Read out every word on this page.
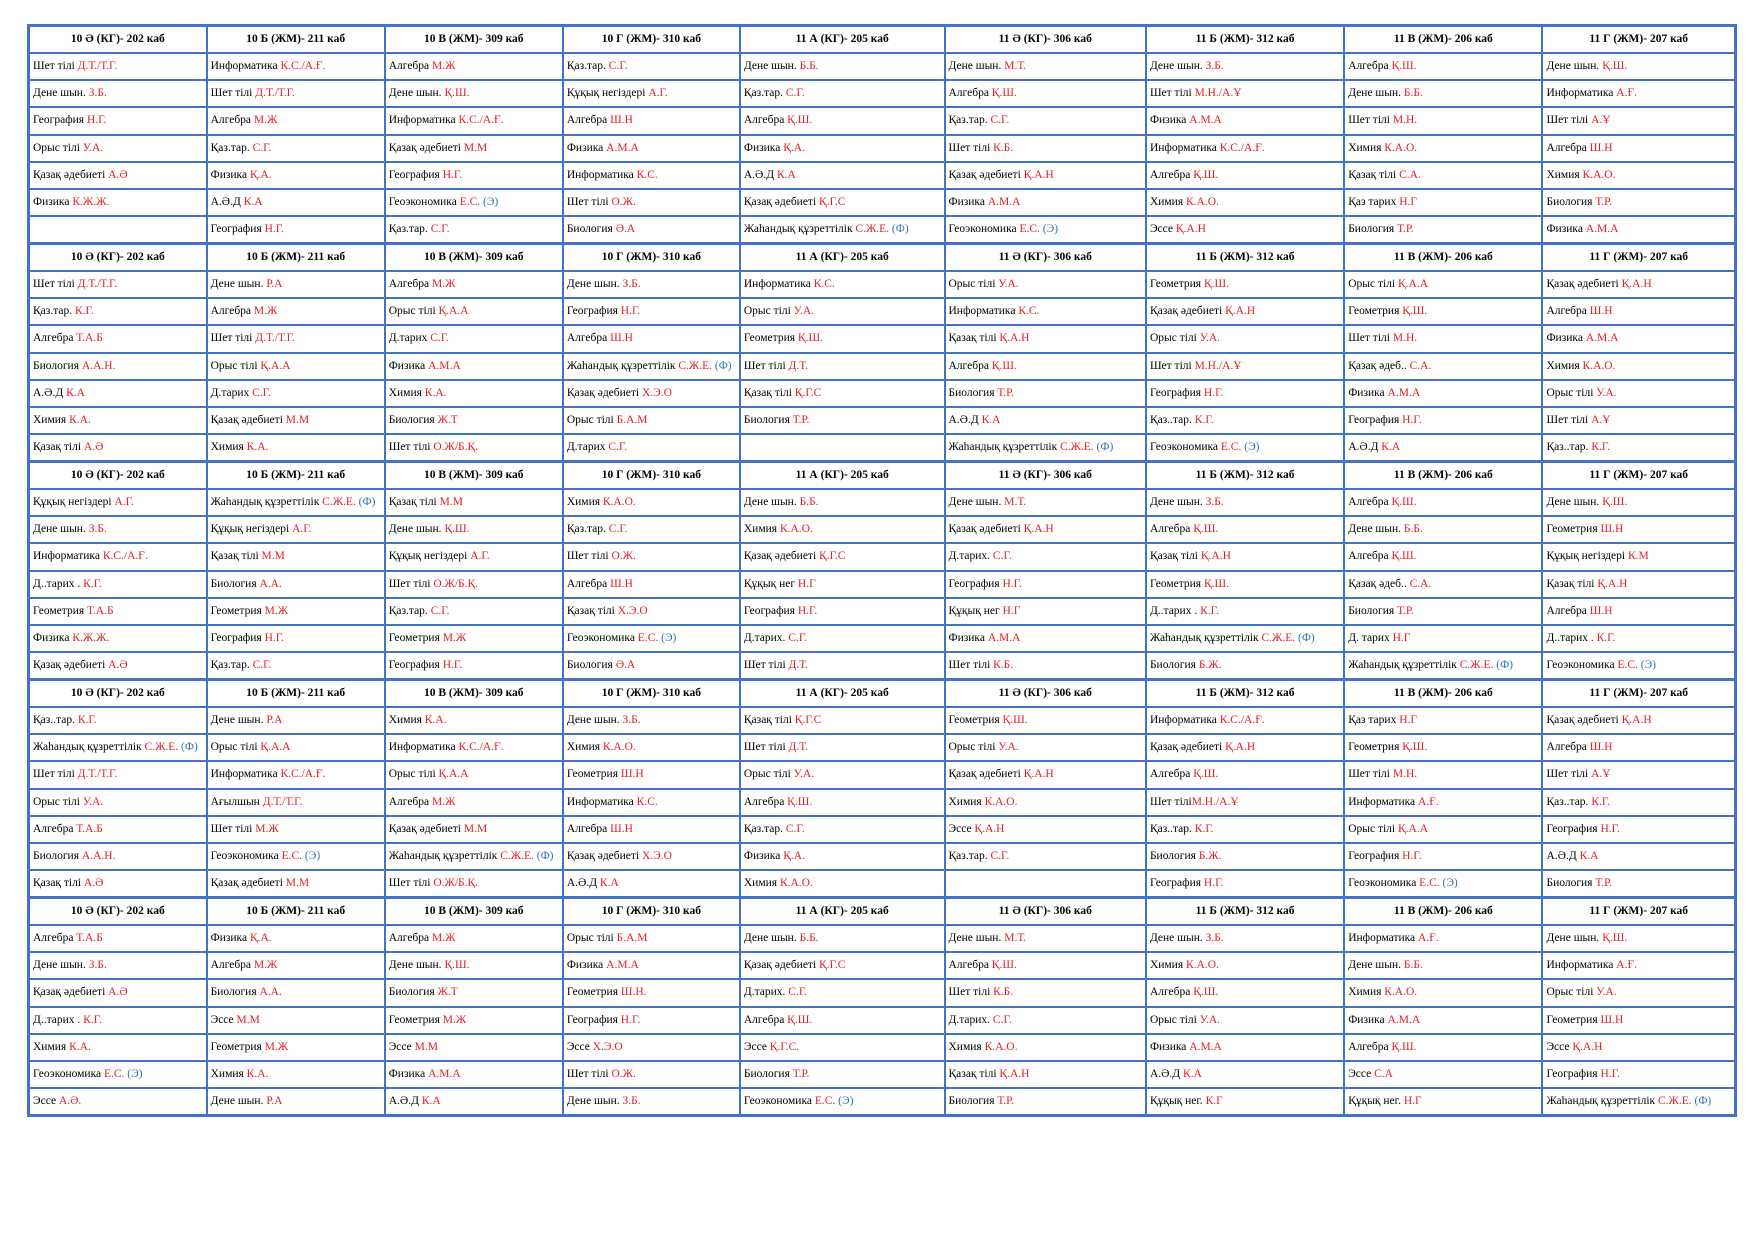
10 Ә (КГ)- 202 каб	10 Б (ЖМ)- 211 каб	10 В (ЖМ)- 309 каб	10 Г (ЖМ)- 310 каб	11 А (КГ)- 205 каб	11 Ә (КГ)- 306 каб	11 Б (ЖМ)- 312 каб	11 В (ЖМ)- 206 каб	11 Г (ЖМ)- 207 каб
Шет тілі Д.Т./Т.Г.	Информатика К.С./А.Ғ.	Алгебра М.Ж	Қаз.тар. С.Г.	Дене шын. Б.Б.	Дене шын. М.Т.	Дене шын. З.Б.	Алгебра Қ.Ш.	Дене шын. Қ.Ш.
Дене шын. З.Б.	Шет тілі Д.Т./Т.Г.	Дене шын. Қ.Ш.	Құқық негіздері А.Г.	Қаз.тар. С.Г.	Алгебра Қ.Ш.	Шет тілі М.Н./А.Ұ	Дене шын. Б.Б.	Информатика А.Ғ.
География Н.Г.	Алгебра М.Ж	Информатика К.С./А.Ғ.	Алгебра Ш.Н	Алгебра Қ.Ш.	Қаз.тар. С.Г.	Физика А.М.А	Шет тілі М.Н.	Шет тілі А.Ұ
Орыс тілі У.А.	Қаз.тар. С.Г.	Қазақ әдебиеті М.М	Физика А.М.А	Физика Қ.А.	Шет тілі К.Б.	Информатика К.С./А.Ғ.	Химия К.А.О.	Алгебра Ш.Н
Қазақ әдебиеті А.Ә	Физика Қ.А.	География Н.Г.	Информатика К.С.	А.Ә.Д К.А	Қазақ әдебиеті Қ.А.Н	Алгебра Қ.Ш.	Қазақ тілі С.А.	Химия К.А.О.
Физика К.Ж.Ж.	А.Ә.Д К.А	Геоэкономика Е.С. (Э)	Шет тілі О.Ж.	Қазақ әдебиеті Қ.Г.С	Физика А.М.А	Химия К.А.О.	Қаз тарих Н.Г	Биология Т.Р.
	География Н.Г.	Қаз.тар. С.Г.	Биология Ә.А	Жаһандық құзреттілік С.Ж.Е. (Ф)	Геоэкономика Е.С. (Э)	Эссе Қ.А.Н	Биология Т.Р.	Физика А.М.А
10 Ә (КГ)- 202 каб	10 Б (ЖМ)- 211 каб	10 В (ЖМ)- 309 каб	10 Г (ЖМ)- 310 каб	11 А (КГ)- 205 каб	11 Ә (КГ)- 306 каб	11 Б (ЖМ)- 312 каб	11 В (ЖМ)- 206 каб	11 Г (ЖМ)- 207 каб
Шет тілі Д.Т./Т.Г.	Дене шын. Р.А	Алгебра М.Ж	Дене шын. З.Б.	Информатика К.С.	Орыс тілі У.А.	Геометрия Қ.Ш.	Орыс тілі Қ.А.А	Қазақ әдебиеті Қ.А.Н
Қаз.тар. К.Г.	Алгебра М.Ж	Орыс тілі Қ.А.А	География Н.Г.	Орыс тілі У.А.	Информатика К.С.	Қазақ әдебиеті Қ.А.Н	Геометрия Қ.Ш.	Алгебра Ш.Н
Алгебра Т.А.Б	Шет тілі Д.Т./Т.Г.	Д.тарих С.Г.	Алгебра Ш.Н	Геометрия Қ.Ш.	Қазақ тілі Қ.А.Н	Орыс тілі У.А.	Шет тілі М.Н.	Физика А.М.А
Биология А.А.Н.	Орыс тілі Қ.А.А	Физика А.М.А	Жаһандық құзреттілік С.Ж.Е. (Ф)	Шет тілі Д.Т.	Алгебра Қ.Ш.	Шет тілі М.Н./А.Ұ	Қазақ әдеб.. С.А.	Химия К.А.О.
А.Ә.Д К.А	Д.тарих С.Г.	Химия К.А.	Қазақ әдебиеті Х.Э.О	Қазақ тілі Қ.Г.С	Биология Т.Р.	География Н.Г.	Физика А.М.А	Орыс тілі У.А.
Химия К.А.	Қазақ әдебиеті М.М	Биология Ж.Т	Орыс тілі Б.А.М	Биология Т.Р.	А.Ә.Д К.А	Қаз..тар. К.Г.	География Н.Г.	Шет тілі А.Ұ
Қазақ тілі А.Ә	Химия К.А.	Шет тілі О.Ж/Б.Қ.	Д.тарих С.Г.		Жаһандық құзреттілік С.Ж.Е. (Ф)	Геоэкономика Е.С. (Э)	А.Ә.Д К.А	Қаз..тар. К.Г.
10 Ә (КГ)- 202 каб	10 Б (ЖМ)- 211 каб	10 В (ЖМ)- 309 каб	10 Г (ЖМ)- 310 каб	11 А (КГ)- 205 каб	11 Ә (КГ)- 306 каб	11 Б (ЖМ)- 312 каб	11 В (ЖМ)- 206 каб	11 Г (ЖМ)- 207 каб
Құқық негіздері А.Г.	Жаһандық құзреттілік С.Ж.Е. (Ф)	Қазақ тілі М.М	Химия К.А.О.	Дене шын. Б.Б.	Дене шын. М.Т.	Дене шын. З.Б.	Алгебра Қ.Ш.	Дене шын. Қ.Ш.
Дене шын. З.Б.	Құқық негіздері А.Г.	Дене шын. Қ.Ш.	Қаз.тар. С.Г.	Химия К.А.О.	Қазақ әдебиеті Қ.А.Н	Алгебра Қ.Ш.	Дене шын. Б.Б.	Геометрия Ш.Н
Информатика К.С./А.Ғ.	Қазақ тілі М.М	Құқық негіздері А.Г.	Шет тілі О.Ж.	Қазақ әдебиеті Қ.Г.С	Д.тарих. С.Г.	Қазақ тілі Қ.А.Н	Алгебра Қ.Ш.	Құқық негіздері К.М
Д..тарих . К.Г.	Биология А.А.	Шет тілі О.Ж/Б.Қ.	Алгебра Ш.Н	Құқық нег Н.Г	География Н.Г.	Геометрия Қ.Ш.	Қазақ әдеб.. С.А.	Қазақ тілі Қ.А.Н
Геометрия Т.А.Б	Геометрия М.Ж	Қаз.тар. С.Г.	Қазақ тілі Х.Э.О	География Н.Г.	Құқық нег Н.Г	Д..тарих . К.Г.	Биология Т.Р.	Алгебра Ш.Н
Физика К.Ж.Ж.	География Н.Г.	Геометрия М.Ж	Геоэкономика Е.С. (Э)	Д.тарих. С.Г.	Физика А.М.А	Жаһандық құзреттілік С.Ж.Е. (Ф)	Д. тарих Н.Г	Д..тарих . К.Г.
Қазақ әдебиеті А.Ә	Қаз.тар. С.Г.	География Н.Г.	Биология Ә.А	Шет тілі Д.Т.	Шет тілі К.Б.	Биология Б.Ж.	Жаһандық құзреттілік С.Ж.Е. (Ф)	Геоэкономика Е.С. (Э)
10 Ә (КГ)- 202 каб	10 Б (ЖМ)- 211 каб	10 В (ЖМ)- 309 каб	10 Г (ЖМ)- 310 каб	11 А (КГ)- 205 каб	11 Ә (КГ)- 306 каб	11 Б (ЖМ)- 312 каб	11 В (ЖМ)- 206 каб	11 Г (ЖМ)- 207 каб
Қаз..тар. К.Г.	Дене шын. Р.А	Химия К.А.	Дене шын. З.Б.	Қазақ тілі Қ.Г.С	Геометрия Қ.Ш.	Информатика К.С./А.Ғ.	Қаз тарих Н.Г	Қазақ әдебиеті Қ.А.Н
Жаһандық құзреттілік С.Ж.Е. (Ф)	Орыс тілі Қ.А.А	Информатика К.С./А.Ғ.	Химия К.А.О.	Шет тілі Д.Т.	Орыс тілі У.А.	Қазақ әдебиеті Қ.А.Н	Геометрия Қ.Ш.	Алгебра Ш.Н
Шет тілі Д.Т./Т.Г.	Информатика К.С./А.Ғ.	Орыс тілі Қ.А.А	Геометрия Ш.Н	Орыс тілі У.А.	Қазақ әдебиеті Қ.А.Н	Алгебра Қ.Ш.	Шет тілі М.Н.	Шет тілі А.Ұ
Орыс тілі У.А.	Ағылшын Д.Т./Т.Г.	Алгебра М.Ж	Информатика К.С.	Алгебра Қ.Ш.	Химия К.А.О.	Шет тіліМ.Н./А.Ұ	Информатика А.Ғ.	Қаз..тар. К.Г.
Алгебра Т.А.Б	Шет тілі М.Ж	Қазақ әдебиеті М.М	Алгебра Ш.Н	Қаз.тар. С.Г.	Эссе Қ.А.Н	Қаз..тар. К.Г.	Орыс тілі Қ.А.А	География Н.Г.
Биология А.А.Н.	Геоэкономика Е.С. (Э)	Жаһандық құзреттілік С.Ж.Е. (Ф)	Қазақ әдебиеті Х.Э.О	Физика Қ.А.	Қаз.тар. С.Г.	Биология Б.Ж.	География Н.Г.	А.Ә.Д К.А
Қазақ тілі А.Ә	Қазақ әдебиеті М.М	Шет тілі О.Ж/Б.Қ.	А.Ә.Д К.А	Химия К.А.О.		География Н.Г.	Геоэкономика Е.С. (Э)	Биология Т.Р.
10 Ә (КГ)- 202 каб	10 Б (ЖМ)- 211 каб	10 В (ЖМ)- 309 каб	10 Г (ЖМ)- 310 каб	11 А (КГ)- 205 каб	11 Ә (КГ)- 306 каб	11 Б (ЖМ)- 312 каб	11 В (ЖМ)- 206 каб	11 Г (ЖМ)- 207 каб
Алгебра Т.А.Б	Физика Қ.А.	Алгебра М.Ж	Орыс тілі Б.А.М	Дене шын. Б.Б.	Дене шын. М.Т.	Дене шын. З.Б.	Информатика А.Ғ.	Дене шын. Қ.Ш.
Дене шын. З.Б.	Алгебра М.Ж	Дене шын. Қ.Ш.	Физика А.М.А	Қазақ әдебиеті Қ.Г.С	Алгебра Қ.Ш.	Химия К.А.О.	Дене шын. Б.Б.	Информатика А.Ғ.
Қазақ әдебиеті А.Ә	Биология А.А.	Биология Ж.Т	Геометрия Ш.Н.	Д.тарих. С.Г.	Шет тілі К.Б.	Алгебра Қ.Ш.	Химия К.А.О.	Орыс тілі У.А.
Д..тарих . К.Г.	Эссе М.М	Геометрия М.Ж	География Н.Г.	Алгебра Қ.Ш.	Д.тарих. С.Г.	Орыс тілі У.А.	Физика А.М.А	Геометрия Ш.Н
Химия К.А.	Геометрия М.Ж	Эссе М.М	Эссе Х.Э.О	Эссе Қ.Г.С.	Химия К.А.О.	Физика А.М.А	Алгебра Қ.Ш.	Эссе Қ.А.Н
Геоэкономика Е.С. (Э)	Химия К.А.	Физика А.М.А	Шет тілі О.Ж.	Биология Т.Р.	Қазақ тілі Қ.А.Н	А.Ә.Д К.А	Эссе С.А	География Н.Г.
Эссе А.Ә.	Дене шын. Р.А	А.Ә.Д К.А	Дене шын. З.Б.	Геоэкономика Е.С. (Э)	Биология Т.Р.	Құқық нег. К.Г	Құқық нег. Н.Г	Жаһандық құзреттілік С.Ж.Е. (Ф)
